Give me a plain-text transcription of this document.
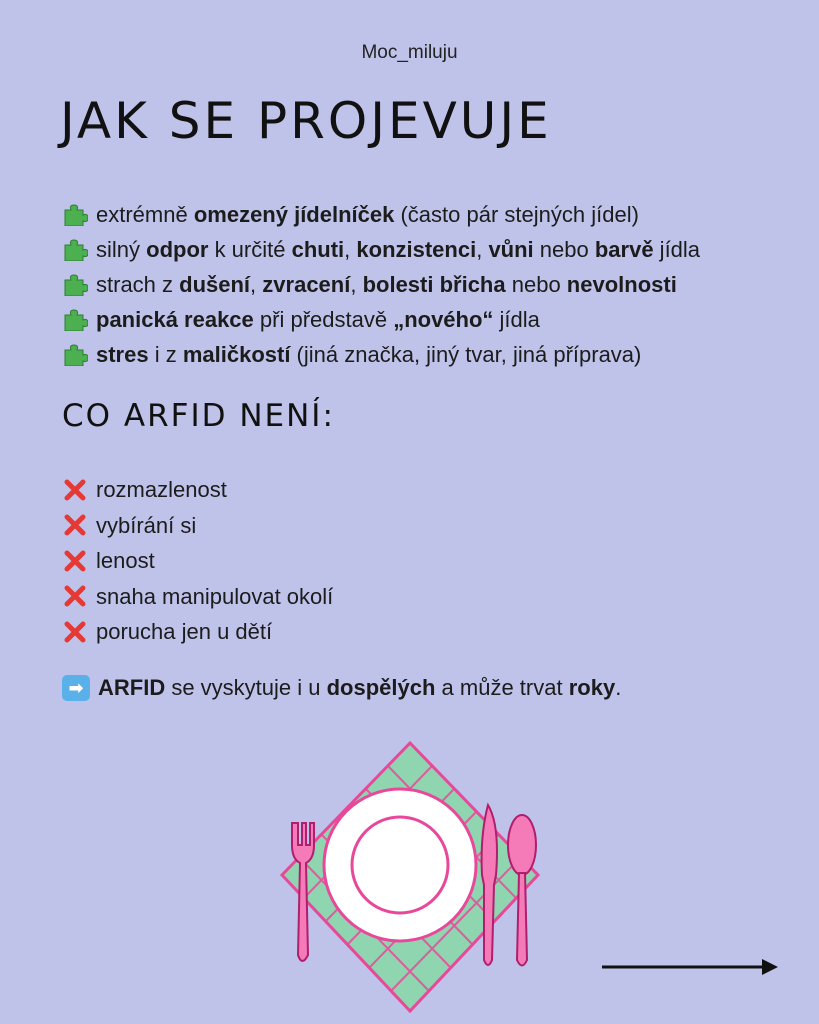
Moc_miluju
JAK SE PROJEVUJE
extrémně omezený jídelníček (často pár stejných jídel)
silný odpor k určité chuti, konzistenci, vůni nebo barvě jídla
strach z dušení, zvracení, bolesti břicha nebo nevolnosti
panická reakce při představě „nového“ jídla
stres i z maličkostí (jiná značka, jiný tvar, jiná příprava)
CO ARFID NENÍ:
rozmazlenost
vybírání si
lenost
snaha manipulovat okolí
porucha jen u dětí
➡ ARFID se vyskytuje i u dospělých a může trvat roky.
